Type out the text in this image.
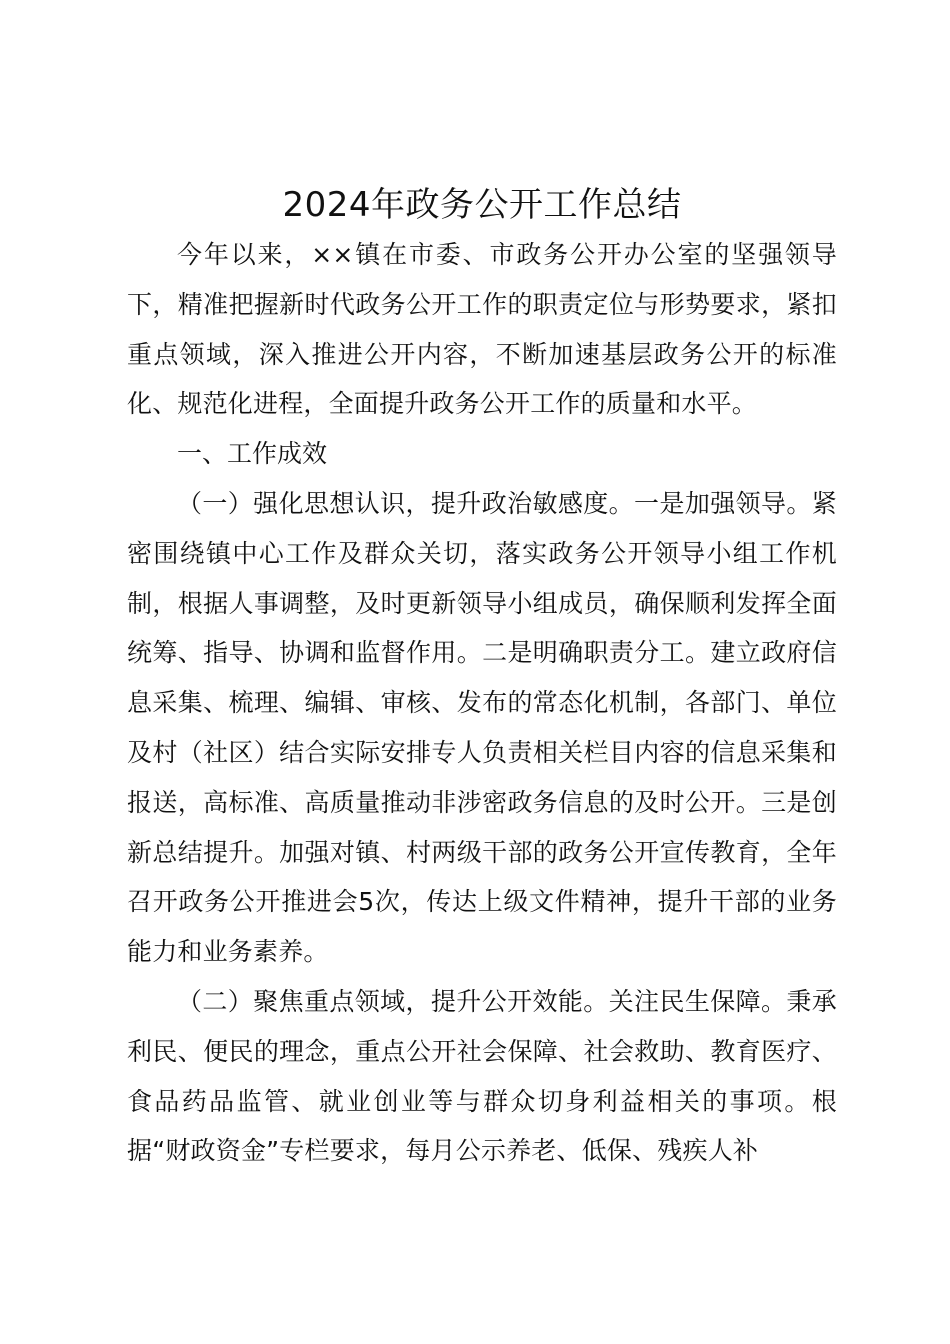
2024年政务公开工作总结

今年以来，××镇在市委、市政务公开办公室的坚强领导下，精准把握新时代政务公开工作的职责定位与形势要求，紧扣重点领域，深入推进公开内容，不断加速基层政务公开的标准化、规范化进程，全面提升政务公开工作的质量和水平。

一、工作成效

（一）强化思想认识，提升政治敏感度。一是加强领导。紧密围绕镇中心工作及群众关切，落实政务公开领导小组工作机制，根据人事调整，及时更新领导小组成员，确保顺利发挥全面统筹、指导、协调和监督作用。二是明确职责分工。建立政府信息采集、梳理、编辑、审核、发布的常态化机制，各部门、单位及村（社区）结合实际安排专人负责相关栏目内容的信息采集和报送，高标准、高质量推动非涉密政务信息的及时公开。三是创新总结提升。加强对镇、村两级干部的政务公开宣传教育，全年召开政务公开推进会5次，传达上级文件精神，提升干部的业务能力和业务素养。

（二）聚焦重点领域，提升公开效能。关注民生保障。秉承利民、便民的理念，重点公开社会保障、社会救助、教育医疗、食品药品监管、就业创业等与群众切身利益相关的事项。根据“财政资金”专栏要求，每月公示养老、低保、残疾人补
